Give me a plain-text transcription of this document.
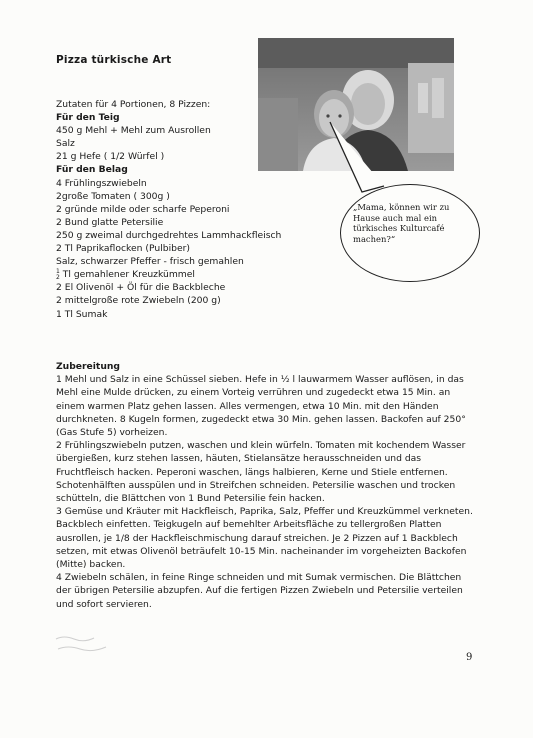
Pizza türkische Art
Zutaten für 4 Portionen, 8 Pizzen:
Für den Teig
450 g Mehl + Mehl zum Ausrollen
Salz
21 g Hefe ( 1/2 Würfel )
Für den Belag
4 Frühlingszwiebeln
2große Tomaten ( 300g )
2 gründe milde oder scharfe Peperoni
2 Bund glatte Petersilie
250 g zweimal durchgedrehtes Lammhackfleisch
2 Tl Paprikaflocken (Pulbiber)
Salz, schwarzer Pfeffer - frisch gemahlen
1
2 Tl gemahlener Kreuzkümmel
2 El Olivenöl + Öl für die Backbleche
2 mittelgroße rote Zwiebeln (200 g)
1 Tl Sumak
„Mama, können wir zu Hause auch mal ein türkisches Kulturcafé machen?“
Zubereitung
1 Mehl und Salz in eine Schüssel sieben. Hefe in ½ l lauwarmem Wasser auflösen, in das Mehl eine Mulde drücken, zu einem Vorteig verrühren und zugedeckt etwa 15 Min. an einem warmen Platz gehen lassen. Alles vermengen, etwa 10 Min. mit den Händen durchkneten. 8 Kugeln formen, zugedeckt etwa 30 Min. gehen lassen. Backofen auf 250° (Gas Stufe 5) vorheizen.
2 Frühlingszwiebeln putzen, waschen und klein würfeln. Tomaten mit kochendem Wasser übergießen, kurz stehen lassen, häuten, Stielansätze herausschneiden und das Fruchtfleisch hacken. Peperoni waschen, längs halbieren, Kerne und Stiele entfernen. Schotenhälften ausspülen und in Streifchen schneiden. Petersilie waschen und trocken schütteln, die Blättchen von 1 Bund Petersilie fein hacken.
3 Gemüse und Kräuter mit Hackfleisch, Paprika, Salz, Pfeffer und Kreuzkümmel verkneten. Backblech einfetten. Teigkugeln auf bemehlter Arbeitsfläche zu tellergroßen Platten ausrollen, je 1/8 der Hackfleischmischung darauf streichen. Je 2 Pizzen auf 1 Backblech setzen, mit etwas Olivenöl beträufelt 10-15 Min. nacheinander im vorgeheizten Backofen (Mitte) backen.
4 Zwiebeln schälen, in feine Ringe schneiden und mit Sumak vermischen. Die Blättchen der übrigen Petersilie abzupfen. Auf die fertigen Pizzen Zwiebeln und Petersilie verteilen und sofort servieren.
9
